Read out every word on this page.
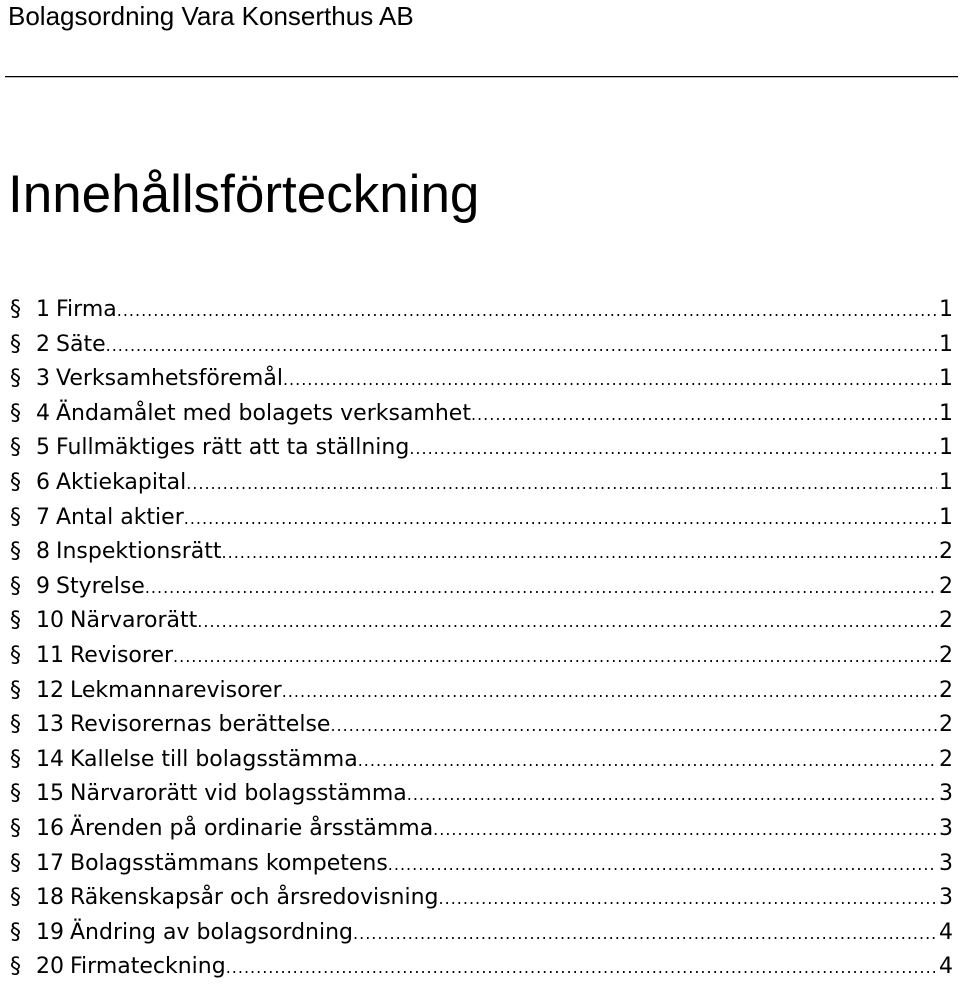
Bolagsordning Vara Konserthus AB
Innehållsförteckning
§ 1 Firma .....	1
§ 2 Säte .....	1
§ 3 Verksamhetsföremål .....	1
§ 4 Ändamålet med bolagets verksamhet .....	1
§ 5 Fullmäktiges rätt att ta ställning .....	1
§ 6 Aktiekapital .....	1
§ 7 Antal aktier .....	1
§ 8 Inspektionsrätt .....	2
§ 9 Styrelse .....	2
§ 10 Närvarorätt .....	2
§ 11 Revisorer .....	2
§ 12 Lekmannarevisorer .....	2
§ 13 Revisorernas berättelse .....	2
§ 14 Kallelse till bolagsstämma .....	2
§ 15 Närvarorätt vid bolagsstämma .....	3
§ 16 Ärenden på ordinarie årsstämma .....	3
§ 17 Bolagsstämmans kompetens .....	3
§ 18 Räkenskapsår och årsredovisning .....	3
§ 19 Ändring av bolagsordning .....	4
§ 20 Firmateckning .....	4
